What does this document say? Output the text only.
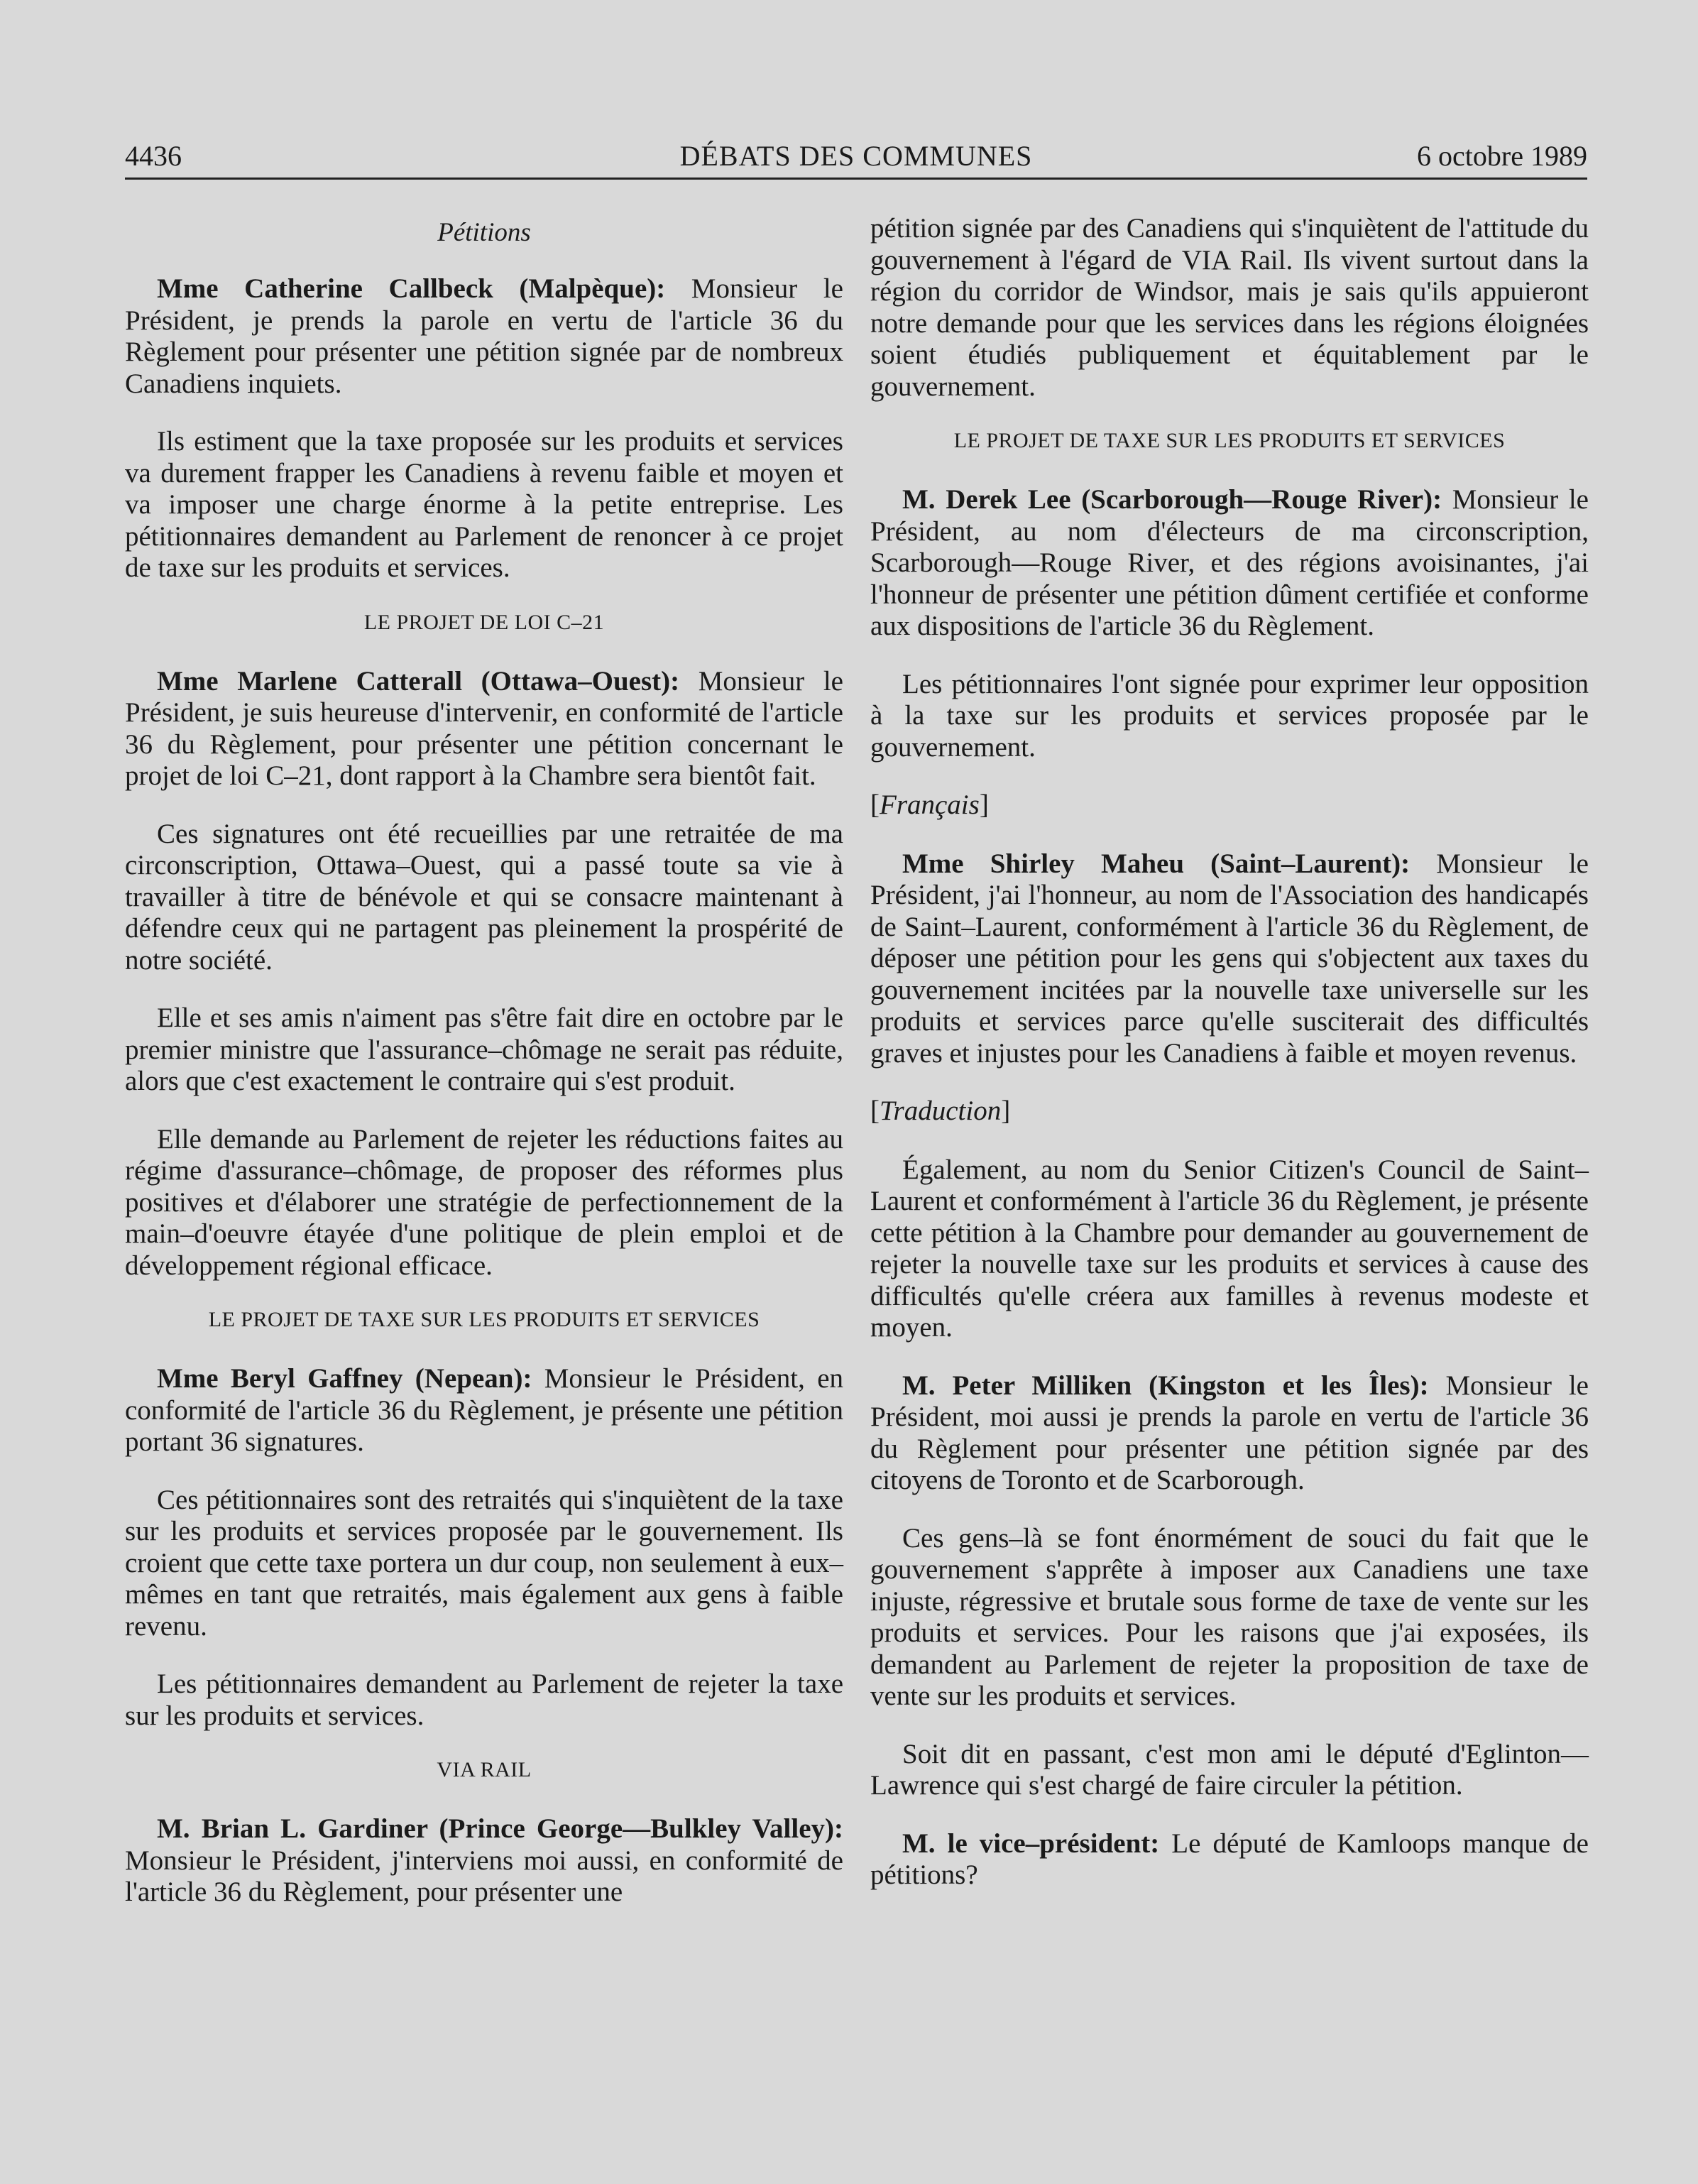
4436	DÉBATS DES COMMUNES	6 octobre 1989
Pétitions

Mme Catherine Callbeck (Malpèque): Monsieur le Président, je prends la parole en vertu de l'article 36 du Règlement pour présenter une pétition signée par de nombreux Canadiens inquiets.

Ils estiment que la taxe proposée sur les produits et services va durement frapper les Canadiens à revenu faible et moyen et va imposer une charge énorme à la petite entreprise. Les pétitionnaires demandent au Parlement de renoncer à ce projet de taxe sur les produits et services.

LE PROJET DE LOI C–21

Mme Marlene Catterall (Ottawa–Ouest): Monsieur le Président, je suis heureuse d'intervenir, en conformité de l'article 36 du Règlement, pour présenter une pétition concernant le projet de loi C–21, dont rapport à la Chambre sera bientôt fait.

Ces signatures ont été recueillies par une retraitée de ma circonscription, Ottawa–Ouest, qui a passé toute sa vie à travailler à titre de bénévole et qui se consacre maintenant à défendre ceux qui ne partagent pas pleinement la prospérité de notre société.

Elle et ses amis n'aiment pas s'être fait dire en octobre par le premier ministre que l'assurance–chômage ne serait pas réduite, alors que c'est exactement le contraire qui s'est produit.

Elle demande au Parlement de rejeter les réductions faites au régime d'assurance–chômage, de proposer des réformes plus positives et d'élaborer une stratégie de perfectionnement de la main–d'oeuvre étayée d'une politique de plein emploi et de développement régional efficace.

LE PROJET DE TAXE SUR LES PRODUITS ET SERVICES

Mme Beryl Gaffney (Nepean): Monsieur le Président, en conformité de l'article 36 du Règlement, je présente une pétition portant 36 signatures.

Ces pétitionnaires sont des retraités qui s'inquiètent de la taxe sur les produits et services proposée par le gouvernement. Ils croient que cette taxe portera un dur coup, non seulement à eux–mêmes en tant que retraités, mais également aux gens à faible revenu.

Les pétitionnaires demandent au Parlement de rejeter la taxe sur les produits et services.

VIA RAIL

M. Brian L. Gardiner (Prince George—Bulkley Valley): Monsieur le Président, j'interviens moi aussi, en conformité de l'article 36 du Règlement, pour présenter une

pétition signée par des Canadiens qui s'inquiètent de l'attitude du gouvernement à l'égard de VIA Rail. Ils vivent surtout dans la région du corridor de Windsor, mais je sais qu'ils appuieront notre demande pour que les services dans les régions éloignées soient étudiés publiquement et équitablement par le gouvernement.

LE PROJET DE TAXE SUR LES PRODUITS ET SERVICES

M. Derek Lee (Scarborough—Rouge River): Monsieur le Président, au nom d'électeurs de ma circonscription, Scarborough—Rouge River, et des régions avoisinantes, j'ai l'honneur de présenter une pétition dûment certifiée et conforme aux dispositions de l'article 36 du Règlement.

Les pétitionnaires l'ont signée pour exprimer leur opposition à la taxe sur les produits et services proposée par le gouvernement.

[Français]

Mme Shirley Maheu (Saint–Laurent): Monsieur le Président, j'ai l'honneur, au nom de l'Association des handicapés de Saint–Laurent, conformément à l'article 36 du Règlement, de déposer une pétition pour les gens qui s'objectent aux taxes du gouvernement incitées par la nouvelle taxe universelle sur les produits et services parce qu'elle susciterait des difficultés graves et injustes pour les Canadiens à faible et moyen revenus.

[Traduction]

Également, au nom du Senior Citizen's Council de Saint–Laurent et conformément à l'article 36 du Règlement, je présente cette pétition à la Chambre pour demander au gouvernement de rejeter la nouvelle taxe sur les produits et services à cause des difficultés qu'elle créera aux familles à revenus modeste et moyen.

M. Peter Milliken (Kingston et les Îles): Monsieur le Président, moi aussi je prends la parole en vertu de l'article 36 du Règlement pour présenter une pétition signée par des citoyens de Toronto et de Scarborough.

Ces gens–là se font énormément de souci du fait que le gouvernement s'apprête à imposer aux Canadiens une taxe injuste, régressive et brutale sous forme de taxe de vente sur les produits et services. Pour les raisons que j'ai exposées, ils demandent au Parlement de rejeter la proposition de taxe de vente sur les produits et services.

Soit dit en passant, c'est mon ami le député d'Eglinton—Lawrence qui s'est chargé de faire circuler la pétition.

M. le vice–président: Le député de Kamloops manque de pétitions?
